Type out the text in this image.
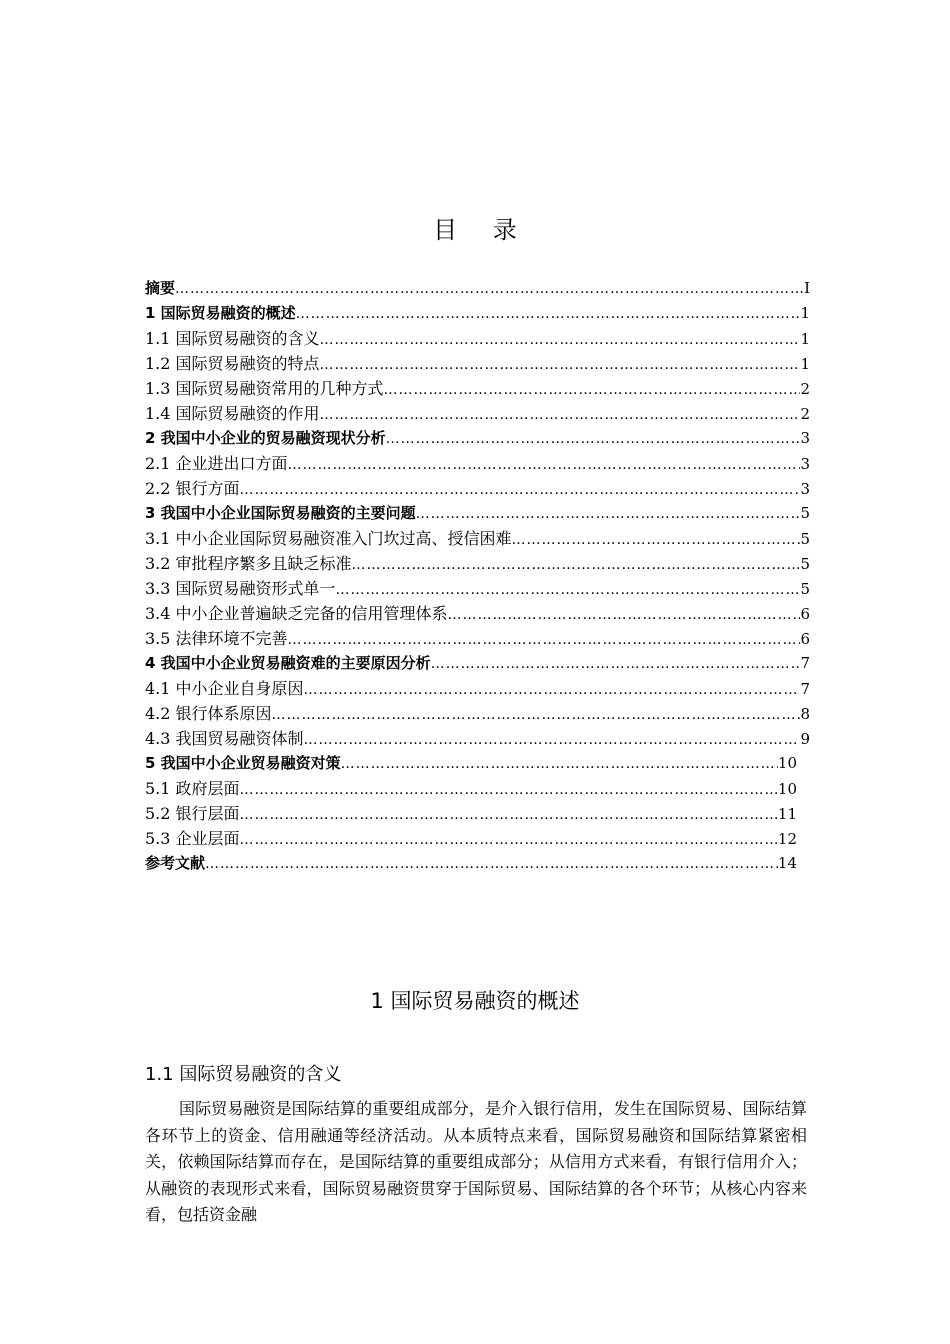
目 录
摘要 …………………………………………………………………………………………………………………………………………………………………………………………………	I
1 国际贸易融资的概述 …………………………………………………………………………………………………………………………………………………………………………………………………	1
1.1 国际贸易融资的含义 …………………………………………………………………………………………………………………………………………………………………………………………………	1
1.2 国际贸易融资的特点 …………………………………………………………………………………………………………………………………………………………………………………………………	1
1.3 国际贸易融资常用的几种方式 …………………………………………………………………………………………………………………………………………………………………………………………………	2
1.4 国际贸易融资的作用 …………………………………………………………………………………………………………………………………………………………………………………………………	2
2 我国中小企业的贸易融资现状分析 …………………………………………………………………………………………………………………………………………………………………………………………………	3
2.1 企业进出口方面 …………………………………………………………………………………………………………………………………………………………………………………………………	3
2.2 银行方面 …………………………………………………………………………………………………………………………………………………………………………………………………	3
3 我国中小企业国际贸易融资的主要问题 …………………………………………………………………………………………………………………………………………………………………………………………………	5
3.1 中小企业国际贸易融资准入门坎过高、授信困难 …………………………………………………………………………………………………………………………………………………………………………………………………	5
3.2 审批程序繁多且缺乏标准 …………………………………………………………………………………………………………………………………………………………………………………………………	5
3.3 国际贸易融资形式单一 …………………………………………………………………………………………………………………………………………………………………………………………………	5
3.4 中小企业普遍缺乏完备的信用管理体系 …………………………………………………………………………………………………………………………………………………………………………………………………	6
3.5 法律环境不完善 …………………………………………………………………………………………………………………………………………………………………………………………………	6
4 我国中小企业贸易融资难的主要原因分析 …………………………………………………………………………………………………………………………………………………………………………………………………	7
4.1 中小企业自身原因 …………………………………………………………………………………………………………………………………………………………………………………………………	7
4.2 银行体系原因 …………………………………………………………………………………………………………………………………………………………………………………………………	8
4.3 我国贸易融资体制 …………………………………………………………………………………………………………………………………………………………………………………………………	9
5 我国中小企业贸易融资对策 …………………………………………………………………………………………………………………………………………………………………………………………………	10
5.1 政府层面 …………………………………………………………………………………………………………………………………………………………………………………………………	10
5.2 银行层面 …………………………………………………………………………………………………………………………………………………………………………………………………	11
5.3 企业层面 …………………………………………………………………………………………………………………………………………………………………………………………………	12
参考文献 …………………………………………………………………………………………………………………………………………………………………………………………………	14
1 国际贸易融资的概述
1.1 国际贸易融资的含义

国际贸易融资是国际结算的重要组成部分，是介入银行信用，发生在国际贸易、国际结算各环节上的资金、信用融通等经济活动。从本质特点来看，国际贸易融资和国际结算紧密相关，依赖国际结算而存在，是国际结算的重要组成部分；从信用方式来看，有银行信用介入；从融资的表现形式来看，国际贸易融资贯穿于国际贸易、国际结算的各个环节；从核心内容来看，包括资金融
